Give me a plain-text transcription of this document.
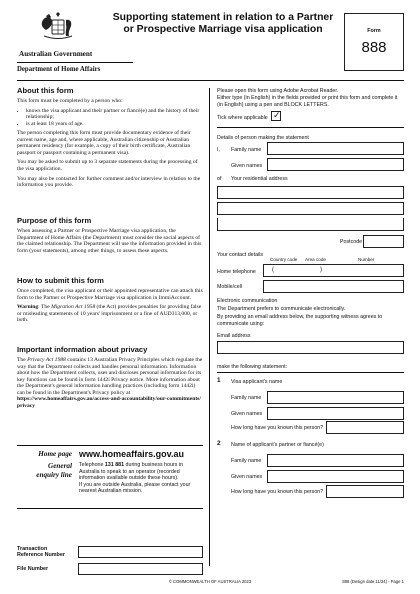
Australian Government
Department of Home Affairs
Supporting statement in relation to a Partner or Prospective Marriage visa application	Form
888
About this form

This form must be completed by a person who:

• knows the visa applicant and their partner or fiancé(e) and the history of their relationship;
• is at least 18 years of age.

The person completing this form must provide documentary evidence of their current name, age and, where applicable, Australian citizenship or Australian permanent residency (for example, a copy of their birth certificate, Australian passport or passport containing a permanent visa).

You may be asked to submit up to 3 separate statements during the processing of the visa application.

You may also be contacted for further comment and/or interview in relation to the information you provide.

Purpose of this form

When assessing a Partner or Prospective Marriage visa application, the Department of Home Affairs (the Department) must consider the social aspects of the claimed relationship. The Department will use the information provided in this form (your statements), among other things, to assess these aspects.

How to submit this form

Once completed, the visa applicant or their appointed representative can attach this form to the Partner or Prospective Marriage visa application in ImmiAccount.

Warning: The Migration Act 1958 (the Act) provides penalties for providing false or misleading statements of 10 years' imprisonment or a fine of AUD313,000, or both.

Important information about privacy

The Privacy Act 1988 contains 13 Australian Privacy Principles which regulate the way that the Department collects and handles personal information. Information about how the Department collects, uses and discloses personal information for its key functions can be found in form 1442i Privacy notice. More information about the Department's general information handling practices (including form 1442i) can be found in the Department's Privacy policy at
https://www.homeaffairs.gov.au/access-and-accountability/our-commitments/privacy

Home page www.homeaffairs.gov.au
General
enquiry line
Telephone 131 881 during business hours in Australia to speak to an operator (recorded information available outside these hours).
If you are outside Australia, please contact your nearest Australian mission.
Transaction
Reference Number
File Number
Please open this form using Adobe Acrobat Reader.
Either type (in English) in the fields provided or print this form and complete it (in English) using a pen and BLOCK LETTERS.
Tick where applicable ✓
Details of person making the statement
I, Family name
Given names
of Your residential address
Postcode
Your contact details
Country code Area code	Number
Home telephone	(	)
Mobile/cell
Electronic communication
The Department prefers to communicate electronically.
By providing an email address below, the supporting witness agrees to communicate using:
Email address
make the following statement:
1 Visa applicant's name
Family name
Given names
How long have you known this person?
2 Name of applicant's partner or fiancé(e)
Family name
Given names
How long have you known this person?
© COMMONWEALTH OF AUSTRALIA 2023	888 (Design date 11/24) - Page 1
